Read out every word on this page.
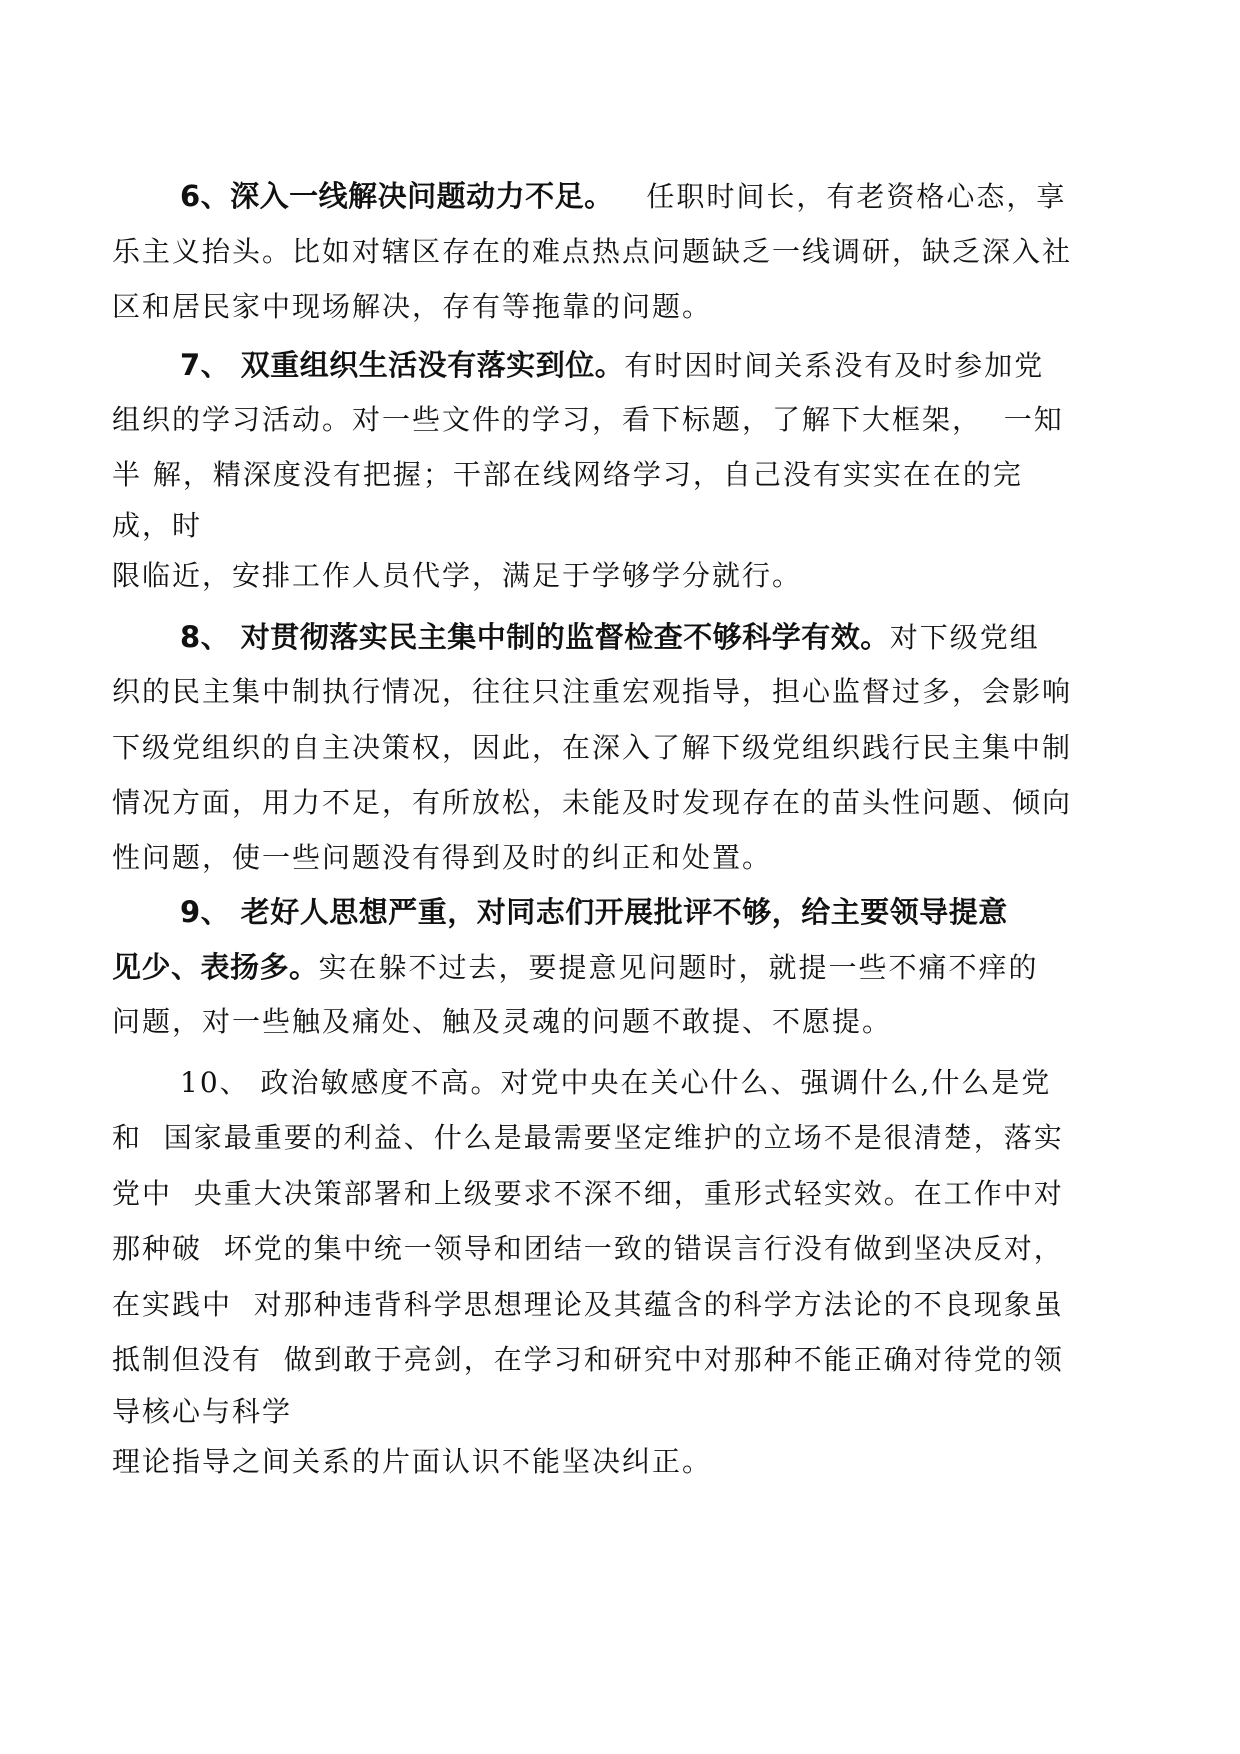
6、深入一线解决问题动力不足。   任职时间长，有老资格心态，享
乐主义抬头。比如对辖区存在的难点热点问题缺乏一线调研，缺乏深入社
区和居民家中现场解决，存有等拖靠的问题。
7、 双重组织生活没有落实到位。有时因时间关系没有及时参加党
组织的学习活动。对一些文件的学习，看下标题，了解下大框架，  一知
半 解，精深度没有把握；干部在线网络学习，自己没有实实在在的完
成，时
限临近，安排工作人员代学，满足于学够学分就行。
8、 对贯彻落实民主集中制的监督检查不够科学有效。对下级党组
织的民主集中制执行情况，往往只注重宏观指导，担心监督过多，会影响
下级党组织的自主决策权，因此，在深入了解下级党组织践行民主集中制
情况方面，用力不足，有所放松，未能及时发现存在的苗头性问题、倾向
性问题，使一些问题没有得到及时的纠正和处置。
9、 老好人思想严重，对同志们开展批评不够，给主要领导提意
见少、表扬多。实在躲不过去，要提意见问题时，就提一些不痛不痒的
问题，对一些触及痛处、触及灵魂的问题不敢提、不愿提。
10、 政治敏感度不高。对党中央在关心什么、强调什么,什么是党
和  国家最重要的利益、什么是最需要坚定维护的立场不是很清楚，落实
党中  央重大决策部署和上级要求不深不细，重形式轻实效。在工作中对
那种破  坏党的集中统一领导和团结一致的错误言行没有做到坚决反对，
在实践中  对那种违背科学思想理论及其蕴含的科学方法论的不良现象虽
抵制但没有  做到敢于亮剑，在学习和研究中对那种不能正确对待党的领
导核心与科学
理论指导之间关系的片面认识不能坚决纠正。
